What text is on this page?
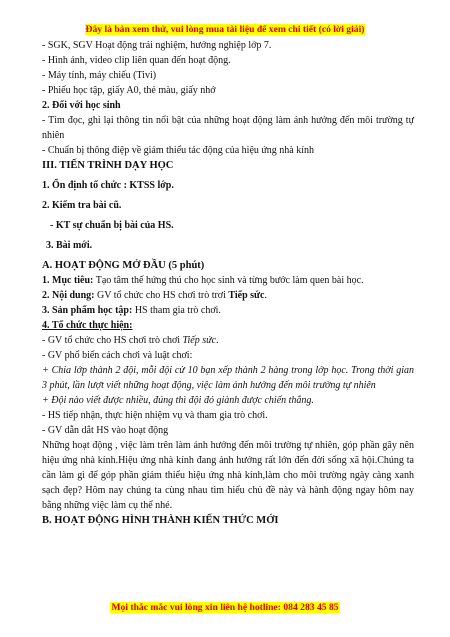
Đây là bản xem thử, vui lòng mua tài liệu để xem chi tiết (có lời giải)
- SGK, SGV Hoạt động trải nghiệm, hướng nghiệp lớp 7.
- Hình ảnh, video clip liên quan đến hoạt động.
- Máy tính, máy chiếu (Tivi)
- Phiếu học tập, giấy A0, thẻ màu, giấy nhớ
2. Đối với học sinh
- Tìm đọc, ghi lại thông tin nổi bật của những hoạt động làm ảnh hưởng đến môi trường tự nhiên
- Chuẩn bị thông điệp về giảm thiểu tác động của hiệu ứng nhà kính
III. TIẾN TRÌNH DẠY HỌC
1. Ổn định tổ chức : KTSS lớp.
2. Kiểm tra bài cũ.
- KT sự chuẩn bị bài của HS.
3. Bài mới.
A. HOẠT ĐỘNG MỞ ĐẦU (5 phút)
1. Mục tiêu: Tạo tâm thế hứng thú cho học sinh và từng bước làm quen bài học.
2. Nội dung: GV tổ chức cho HS chơi trò trơi Tiếp sức.
3. Sản phẩm học tập: HS tham gia trò chơi.
4. Tổ chức thực hiện:
- GV tổ chức cho HS chơi trò chơi Tiếp sức.
- GV phổ biến cách chơi và luật chơi:
+ Chia lớp thành 2 đội, mỗi đội cử 10 bạn xếp thành 2 hàng trong lớp học. Trong thời gian 3 phút, lần lượt viết những hoạt động, việc làm ảnh hưởng đến môi trường tự nhiên
+ Đội nào viết được nhiều, đúng thì đội đó giành được chiến thắng.
- HS tiếp nhận, thực hiện nhiệm vụ và tham gia trò chơi.
- GV dẫn dắt HS vào hoạt động
Những hoạt động , việc làm trên làm ảnh hưởng đến môi trường tự nhiên, góp phần gây nên hiệu ứng nhà kính.Hiệu ứng nhà kính đang ảnh hưởng rất lớn đến đời sống xã hội.Chúng ta cần làm gì để góp phần giảm thiểu hiệu ứng nhà kính,làm cho môi trường ngày càng xanh sạch đẹp? Hôm nay chúng ta cùng nhau tìm hiểu chủ đề này và hành động ngay hôm nay bằng những việc làm cụ thể nhé.
B. HOẠT ĐỘNG HÌNH THÀNH KIẾN THỨC MỚI
Mọi thắc mắc vui lòng xin liên hệ hotline: 084 283 45 85
